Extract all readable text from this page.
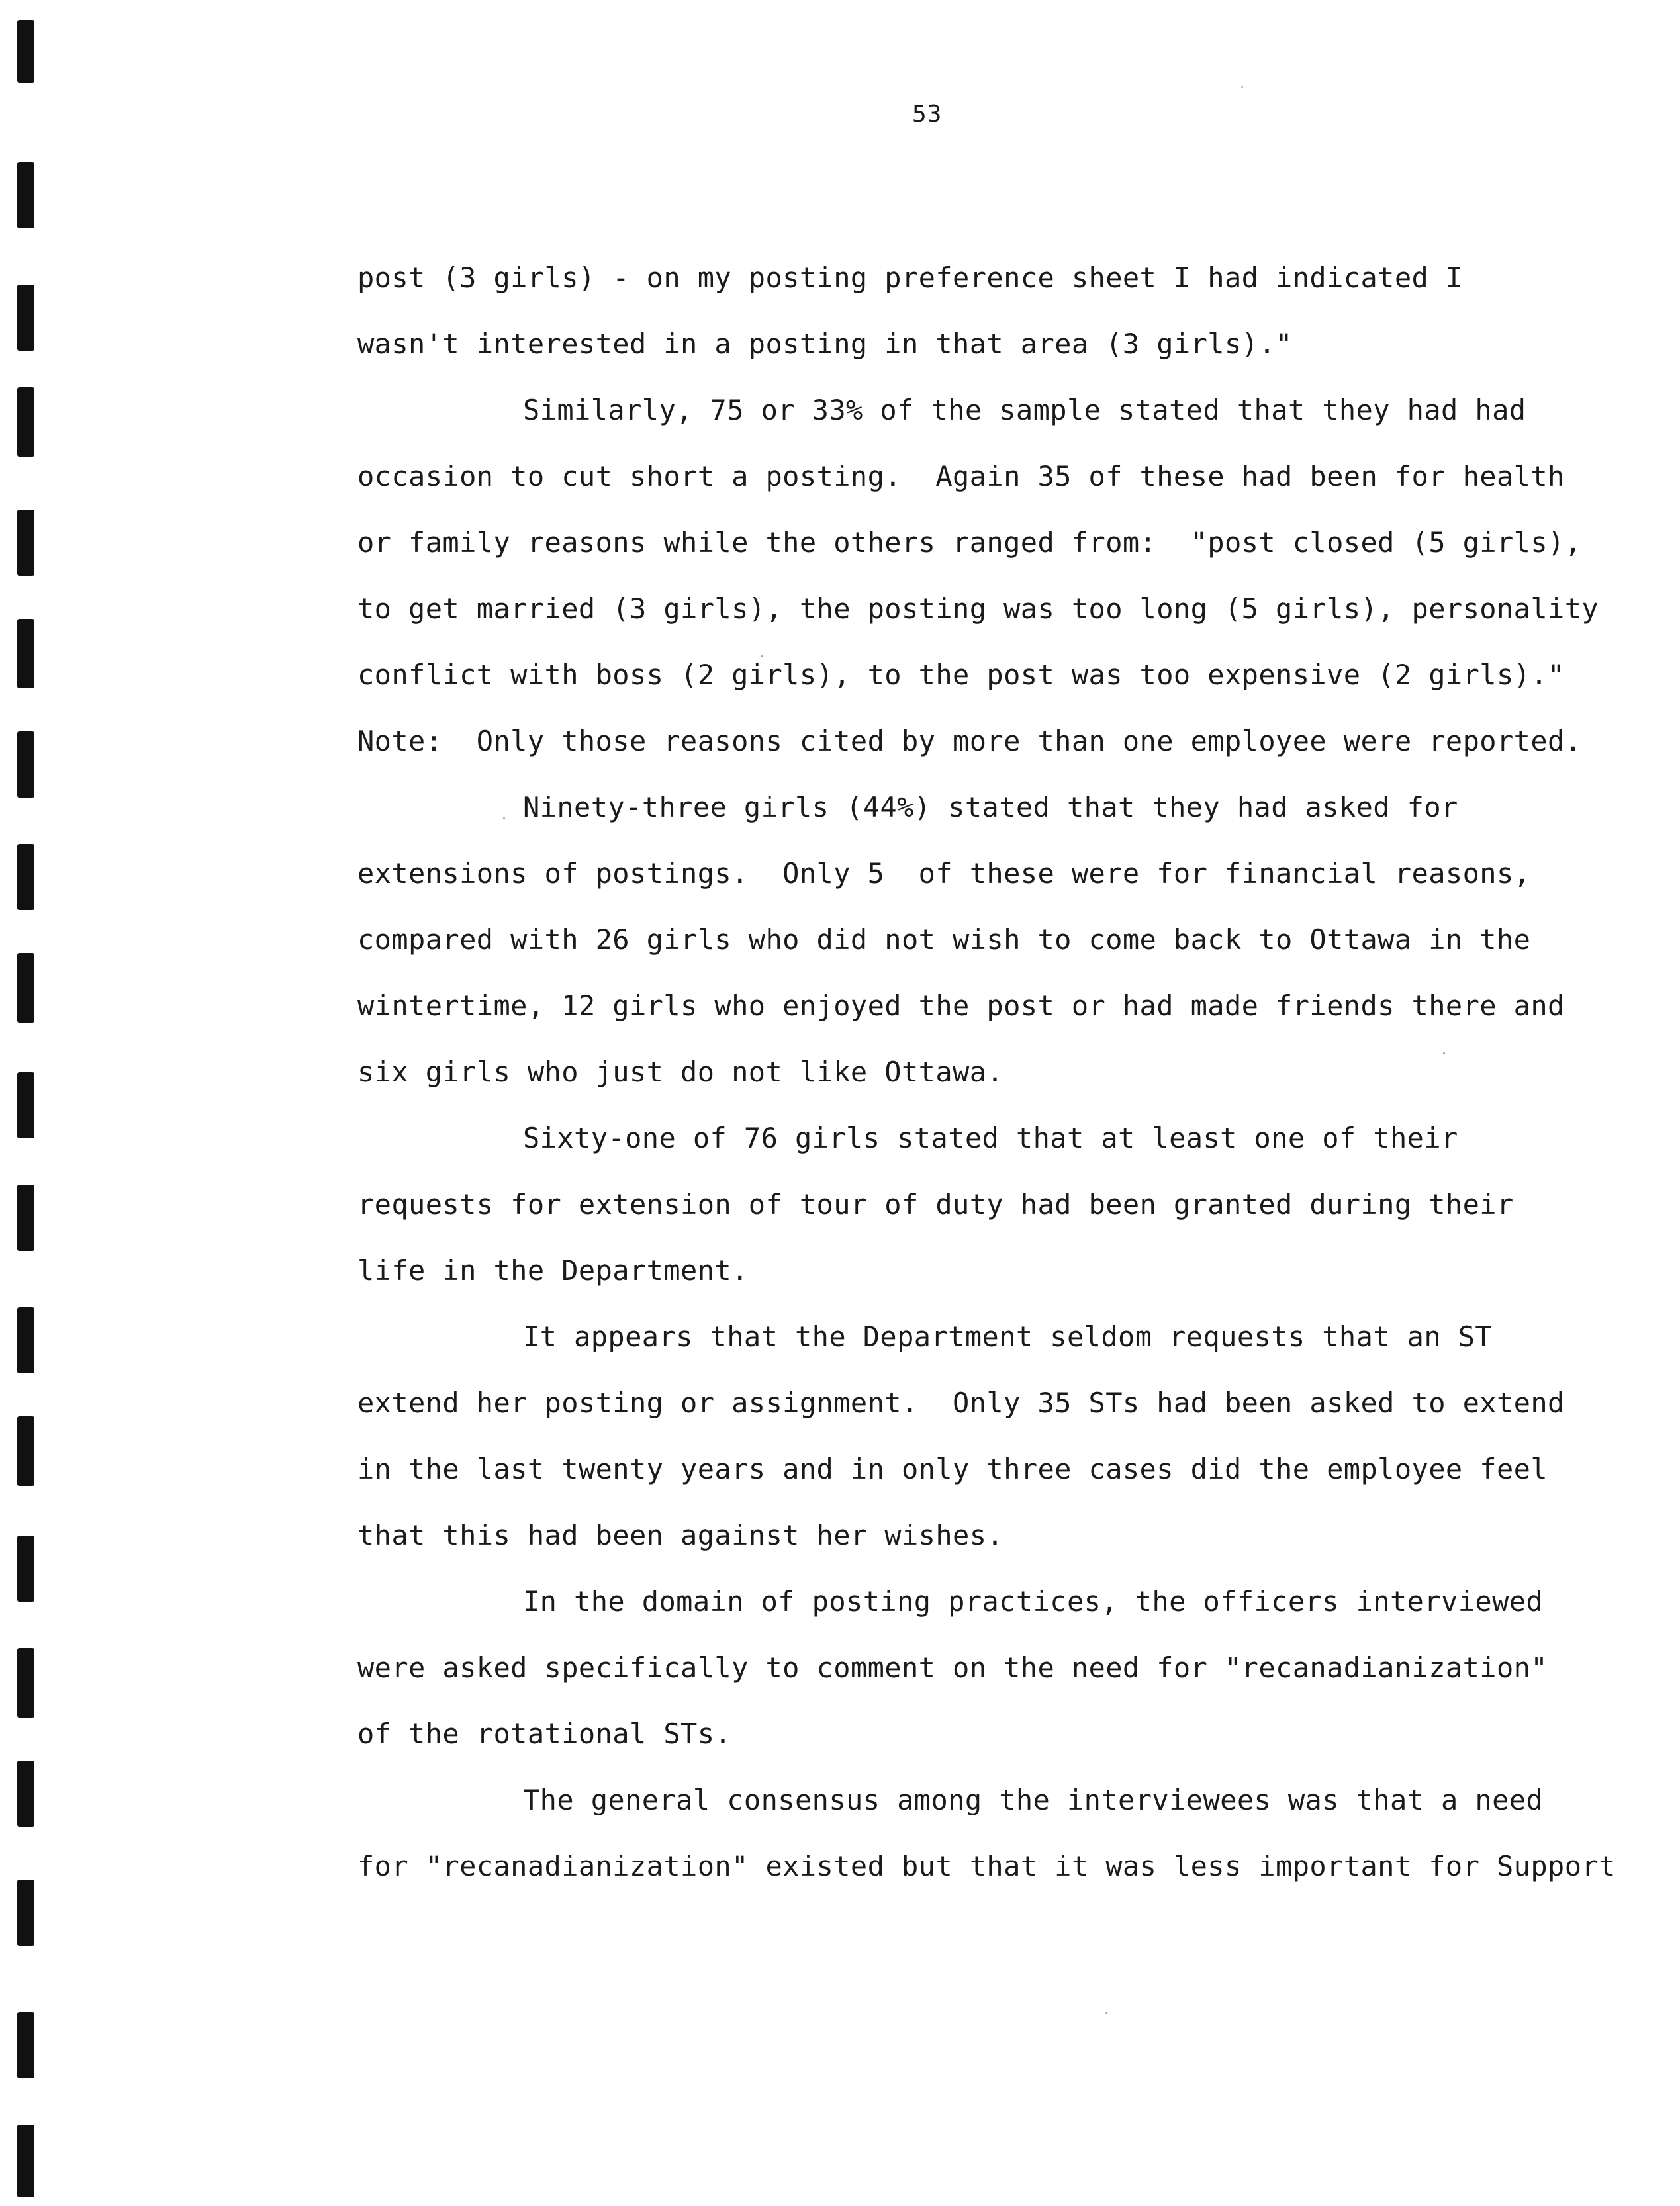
53
post (3 girls) - on my posting preference sheet I had indicated I
wasn't interested in a posting in that area (3 girls)."
Similarly, 75 or 33% of the sample stated that they had had
occasion to cut short a posting.  Again 35 of these had been for health
or family reasons while the others ranged from:  "post closed (5 girls),
to get married (3 girls), the posting was too long (5 girls), personality
conflict with boss (2 girls), to the post was too expensive (2 girls)."
Note:  Only those reasons cited by more than one employee were reported.
Ninety-three girls (44%) stated that they had asked for
extensions of postings.  Only 5  of these were for financial reasons,
compared with 26 girls who did not wish to come back to Ottawa in the
wintertime, 12 girls who enjoyed the post or had made friends there and
six girls who just do not like Ottawa.
Sixty-one of 76 girls stated that at least one of their
requests for extension of tour of duty had been granted during their
life in the Department.
It appears that the Department seldom requests that an ST
extend her posting or assignment.  Only 35 STs had been asked to extend
in the last twenty years and in only three cases did the employee feel
that this had been against her wishes.
In the domain of posting practices, the officers interviewed
were asked specifically to comment on the need for "recanadianization"
of the rotational STs.
The general consensus among the interviewees was that a need
for "recanadianization" existed but that it was less important for Support
